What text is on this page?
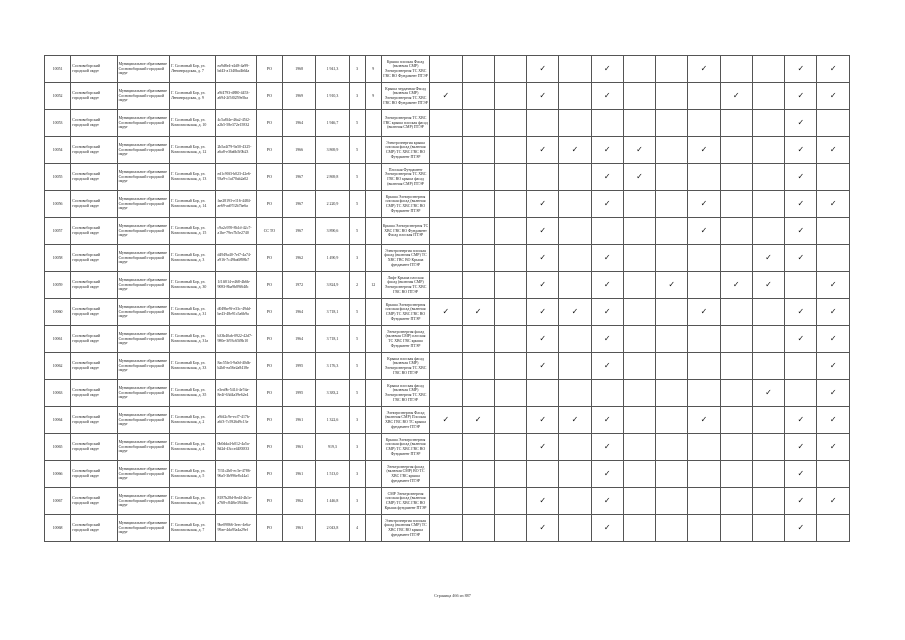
10051	Сосновоборский городской округ	Муниципальное образование Сосновоборский городской округ	Г. Сосновый Бор, ул. Ленинградская, д. 7	ea9d8e4-e2d8-4a99-bd43-a1340ba4b64a	РО	1968	1 941,3	3	9	Крыша плоская Фасад (включая СМР) Электроэнергия ТС ХВС ГВС ВО Фундамент ПТЭР				✓		✓			✓			✓	✓
10052	Сосновоборский городской округ	Муниципальное образование Сосновоборский городской округ	Г. Сосновый Бор, ул. Ленинградская, д. 9	a9f4793-d880-4453-a694-2f5f0259e5ba	РО	1969	1 910,3	3	9	Крыша чердачная Фасад (включая СМР) Электроэнергия ТС ХВС ГВС ВО Фундамент ПТЭР	✓			✓		✓				✓		✓	✓
10053	Сосновоборский городской округ	Муниципальное образование Сосновоборский городской округ	Г. Сосновый Бор, ул. Комсомольская, д. 10	4c5a8f4e-46a2-45f2-a2b5-58e372e15832	РО	1964	1 946,7	5		Электроэнергия ТС ХВС ГВС крыша плоская фасад (включая СМР) ПТЭР												✓	
10054	Сосновоборский городской округ	Муниципальное образование Сосновоборский городской округ	Г. Сосновый Бор, ул. Комсомольская, д. 12	2b5a4f79-9a50-4325-a6a8-e36a6b5f0b23	РО	1966	3 869,9	5		Электроэнергия крыша плоская фасад (включая СМР) ТС ХВС ГВС ВО Фундамент ПТЭР				✓	✓	✓	✓		✓			✓	✓
10055	Сосновоборский городской округ	Муниципальное образование Сосновоборский городской округ	Г. Сосновый Бор, ул. Комсомольская, д. 13	ed1c90f3-b023-42e6-93a9-c1af70ab2a02	РО	1967	2 869,8	5		Плоская Фундамент Электроэнергия ТС ХВС ГВС ВО крыша фасад (включая СМР) ПТЭР						✓	✓					✓	
10056	Сосновоборский городской округ	Муниципальное образование Сосновоборский городской округ	Г. Сосновый Бор, ул. Комсомольская, д. 14	fae28193-e116-4484-ae69-aa97f2b7be6a	РО	1967	2 220,9	5		Крыша Электроэнергия плоская фасад (включая СМР) ТС ХВС ГВС ВО Фундамент ПТЭР				✓		✓			✓			✓	✓
10057	Сосновоборский городской округ	Муниципальное образование Сосновоборский городской округ	Г. Сосновый Бор, ул. Комсомольская, д. 15	c9a2c959-8b1d-42c7-a1be-79ec7b5e2740	СС ТО	1967	3 890,6	5		Крыша Электроэнергия ТС ХВС ГВС ВО Фундамент Фасад плоская ПТЭР				✓					✓			✓	
10058	Сосновоборский городской округ	Муниципальное образование Сосновоборский городской округ	Г. Сосновый Бор, ул. Комсомольская, д. 3	d4949a40-7ef7-4a74-a916-7c49ba6898b7	РО	1962	1 490,9	3		Электроэнергия плоская фасад (включая СМР) ТС ХВС ГВС ВО Крыша фундамент ПТЭР				✓		✓					✓	✓	
10059	Сосновоборский городской округ	Муниципальное образование Сосновоборский городской округ	Г. Сосновый Бор, ул. Комсомольская, д. 30	1f1ff014-e468-4b6b-9083-8ba9b89f64fb	РО	1972	3 824,9	2	12	Лифт Крыша плоская фасад (включая СМР) Электроэнергия ТС ХВС ГВС ВО ПТЭР				✓		✓		✓		✓	✓		✓
10060	Сосновоборский городской округ	Муниципальное образование Сосновоборский городской округ	Г. Сосновый Бор, ул. Комсомольская, д. 31	d049be9f-e33c-49dd-be43-48e91c5a6b9a	РО	1964	3 718,1	5		Крыша Электроэнергия плоская фасад (включая СМР) ТС ХВС ГВС ВО Фундамент ПТЭР	✓	✓		✓	✓	✓			✓			✓	✓
10061	Сосновоборский городской округ	Муниципальное образование Сосновоборский городской округ	Г. Сосновый Бор, ул. Комсомольская, д. 31а	b33b40ab-0922-42d7-980e-3f93c65f8b10	РО	1964	3 718,1	5		Электроэнергия фасад (включая СМР) плоская ТС ХВС ГВС крыша Фундамент ПТЭР				✓		✓						✓	✓
10062	Сосновоборский городской округ	Муниципальное образование Сосновоборский городской округ	Г. Сосновый Бор, ул. Комсомольская, д. 33	8ac55fe3-9a0d-40db-b2b0-ea56e2a8418e	РО	1995	3 176,3	5		Крыша плоская фасад (включая СМР) Электроэнергия ТС ХВС ГВС ВО ПТЭР				✓		✓							✓
10063	Сосновоборский городской округ	Муниципальное образование Сосновоборский городской округ	Г. Сосновый Бор, ул. Комсомольская, д. 35	e3ea9b-5414-4e7da-8e4f-63d4a39e62e4	РО	1995	3 383,2	5		Крыша плоская фасад (включая СМР) Электроэнергия ТС ХВС ГВС ВО ПТЭР											✓		✓
10064	Сосновоборский городской округ	Муниципальное образование Сосновоборский городской округ	Г. Сосновый Бор, ул. Комсомольская, д. 2	a9fd2c9e-ecf7-417b-a6f3-7c5926d9c13e	РО	1961	1 322,6	3		Электроэнергия Фасад (включая СМР) Плоская ХВС ГВС ВО ТС крыша фундамент ПТЭР	✓	✓		✓	✓	✓			✓			✓	✓
10065	Сосновоборский городской округ	Муниципальное образование Сосновоборский городской округ	Г. Сосновый Бор, ул. Комсомольская, д. 4	0b0dda4-b012-4a5a-8d2d-43cce4483833	РО	1961	919,3	3		Крыша Электроэнергия плоская фасад (включая СМР) ТС ХВС ГВС ВО Фундамент ПТЭР				✓		✓						✓	✓
10066	Сосновоборский городской округ	Муниципальное образование Сосновоборский городской округ	Г. Сосновый Бор, ул. Комсомольская, д. 5	7f31c2b0-ec3e-4786-96a5-3b996e8c44a1	РО	1961	1 513,0	3		Электроэнергия фасад (включая СМР) ВО ТС ХВС ГВС крыша фундамент ПТЭР						✓						✓	
10067	Сосновоборский городской округ	Муниципальное образование Сосновоборский городской округ	Г. Сосновый Бор, ул. Комсомольская, д. 6	8187b28d-8ed4-4b1e-a768-c84f6e3944bc	РО	1962	1 446,8	3		СМР Электроэнергия плоская фасад (включая СМР) ТС ХВС ГВС ВО Крыша фундамент ПТЭР				✓		✓						✓	✓
10068	Сосновоборский городской округ	Муниципальное образование Сосновоборский городской округ	Г. Сосновый Бор, ул. Комсомольская, д. 7	9be09866-3eec-4e6a-99ae-4da93a4a29ef	РО	1961	2 043,8	4		Электроэнергия плоская фасад (включая СМР) ТС ХВС ГВС ВО крыша фундамент ПТЭР				✓		✓						✓	
Страница 466 из 887
